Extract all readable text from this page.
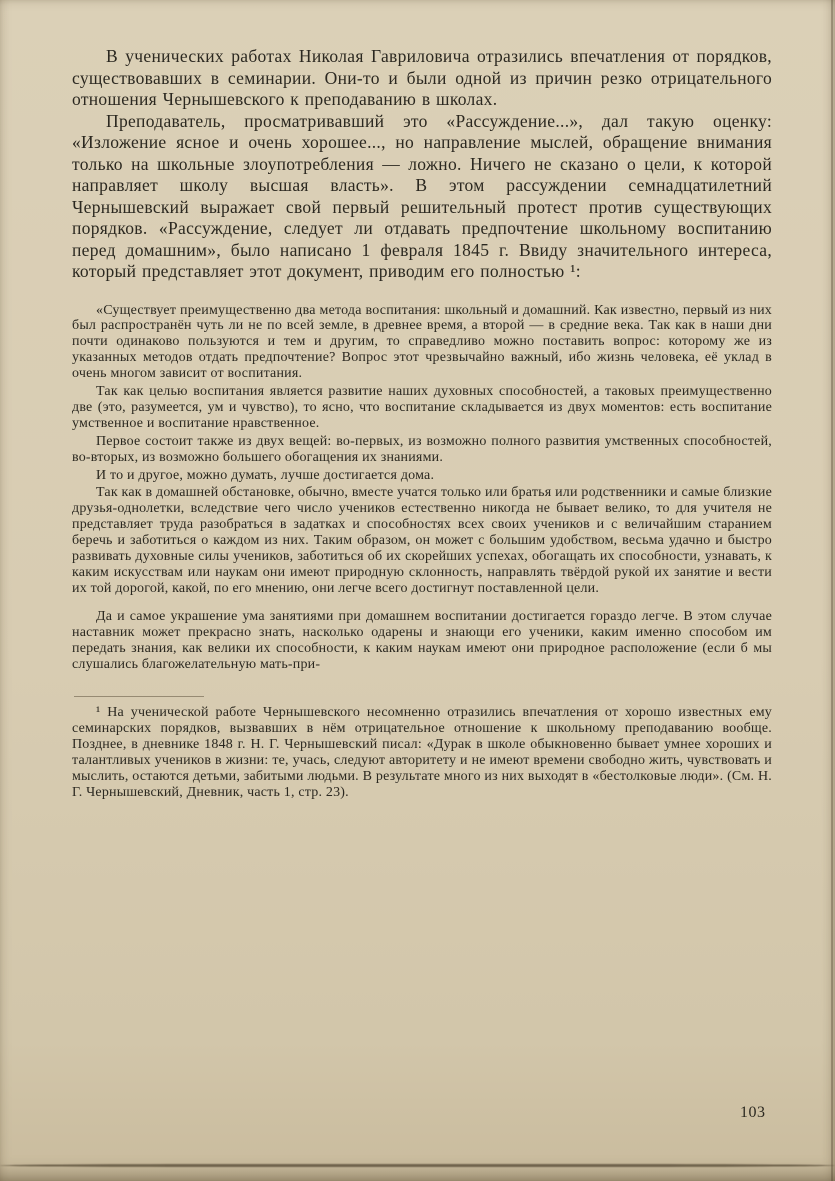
В ученических работах Николая Гавриловича отразились впечатления от порядков, существовавших в семинарии. Они-то и были одной из причин резко отрицательного отношения Чернышевского к преподаванию в школах.

Преподаватель, просматривавший это «Рассуждение...», дал такую оценку: «Изложение ясное и очень хорошее..., но направление мыслей, обращение внимания только на школьные злоупотребления — ложно. Ничего не сказано о цели, к которой направляет школу высшая власть». В этом рассуждении семнадцатилетний Чернышевский выражает свой первый решительный протест против существующих порядков. «Рассуждение, следует ли отдавать предпочтение школьному воспитанию перед домашним», было написано 1 февраля 1845 г. Ввиду значительного интереса, который представляет этот документ, приводим его полностью ¹:

«Существует преимущественно два метода воспитания: школьный и домашний. Как известно, первый из них был распространён чуть ли не по всей земле, в древнее время, а второй — в средние века. Так как в наши дни почти одинаково пользуются и тем и другим, то справедливо можно поставить вопрос: которому же из указанных методов отдать предпочтение? Вопрос этот чрезвычайно важный, ибо жизнь человека, её уклад в очень многом зависит от воспитания.

Так как целью воспитания является развитие наших духовных способностей, а таковых преимущественно две (это, разумеется, ум и чувство), то ясно, что воспитание складывается из двух моментов: есть воспитание умственное и воспитание нравственное.

Первое состоит также из двух вещей: во-первых, из возможно полного развития умственных способностей, во-вторых, из возможно большего обогащения их знаниями.

И то и другое, можно думать, лучше достигается дома.

Так как в домашней обстановке, обычно, вместе учатся только или братья или родственники и самые близкие друзья-однолетки, вследствие чего число учеников естественно никогда не бывает велико, то для учителя не представляет труда разобраться в задатках и способностях всех своих учеников и с величайшим старанием беречь и заботиться о каждом из них. Таким образом, он может с большим удобством, весьма удачно и быстро развивать духовные силы учеников, заботиться об их скорейших успехах, обогащать их способности, узнавать, к каким искусствам или наукам они имеют природную склонность, направлять твёрдой рукой их занятие и вести их той дорогой, какой, по его мнению, они легче всего достигнут поставленной цели.

Да и самое украшение ума занятиями при домашнем воспитании достигается гораздо легче. В этом случае наставник может прекрасно знать, насколько одарены и знающи его ученики, каким именно способом им передать знания, как велики их способности, к каким наукам имеют они природное расположение (если б мы слушались благожелательную мать-при-

¹ На ученической работе Чернышевского несомненно отразились впечатления от хорошо известных ему семинарских порядков, вызвавших в нём отрицательное отношение к школьному преподаванию вообще. Позднее, в дневнике 1848 г. Н. Г. Чернышевский писал: «Дурак в школе обыкновенно бывает умнее хороших и талантливых учеников в жизни: те, учась, следуют авторитету и не имеют времени свободно жить, чувствовать и мыслить, остаются детьми, забитыми людьми. В результате много из них выходят в «бестолковые люди». (См. Н. Г. Чернышевский, Дневник, часть 1, стр. 23).

103
